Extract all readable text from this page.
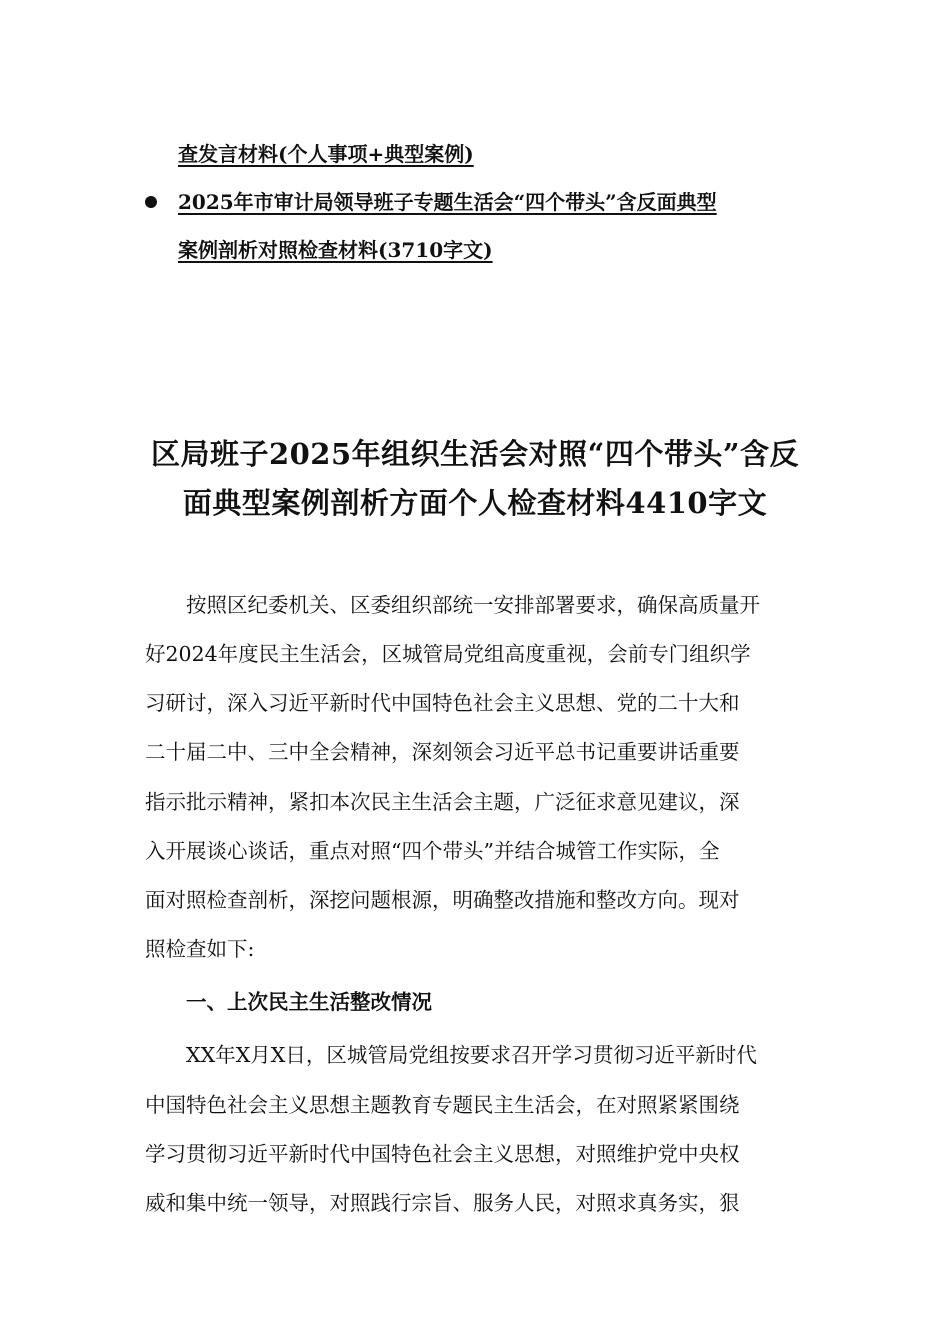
查发言材料(个人事项+典型案例)
2025年市审计局领导班子专题生活会“四个带头”含反面典型
案例剖析对照检查材料(3710字文)
区局班子2025年组织生活会对照“四个带头”含反
面典型案例剖析方面个人检查材料4410字文
　　按照区纪委机关、区委组织部统一安排部署要求，确保高质量开
好2024年度民主生活会，区城管局党组高度重视，会前专门组织学
习研讨，深入习近平新时代中国特色社会主义思想、党的二十大和
二十届二中、三中全会精神，深刻领会习近平总书记重要讲话重要
指示批示精神，紧扣本次民主生活会主题，广泛征求意见建议，深
入开展谈心谈话，重点对照“四个带头”并结合城管工作实际，全
面对照检查剖析，深挖问题根源，明确整改措施和整改方向。现对
照检查如下:
　　一、上次民主生活整改情况
　　XX年X月X日，区城管局党组按要求召开学习贯彻习近平新时代
中国特色社会主义思想主题教育专题民主生活会，在对照紧紧围绕
学习贯彻习近平新时代中国特色社会主义思想，对照维护党中央权
威和集中统一领导，对照践行宗旨、服务人民，对照求真务实，狠
